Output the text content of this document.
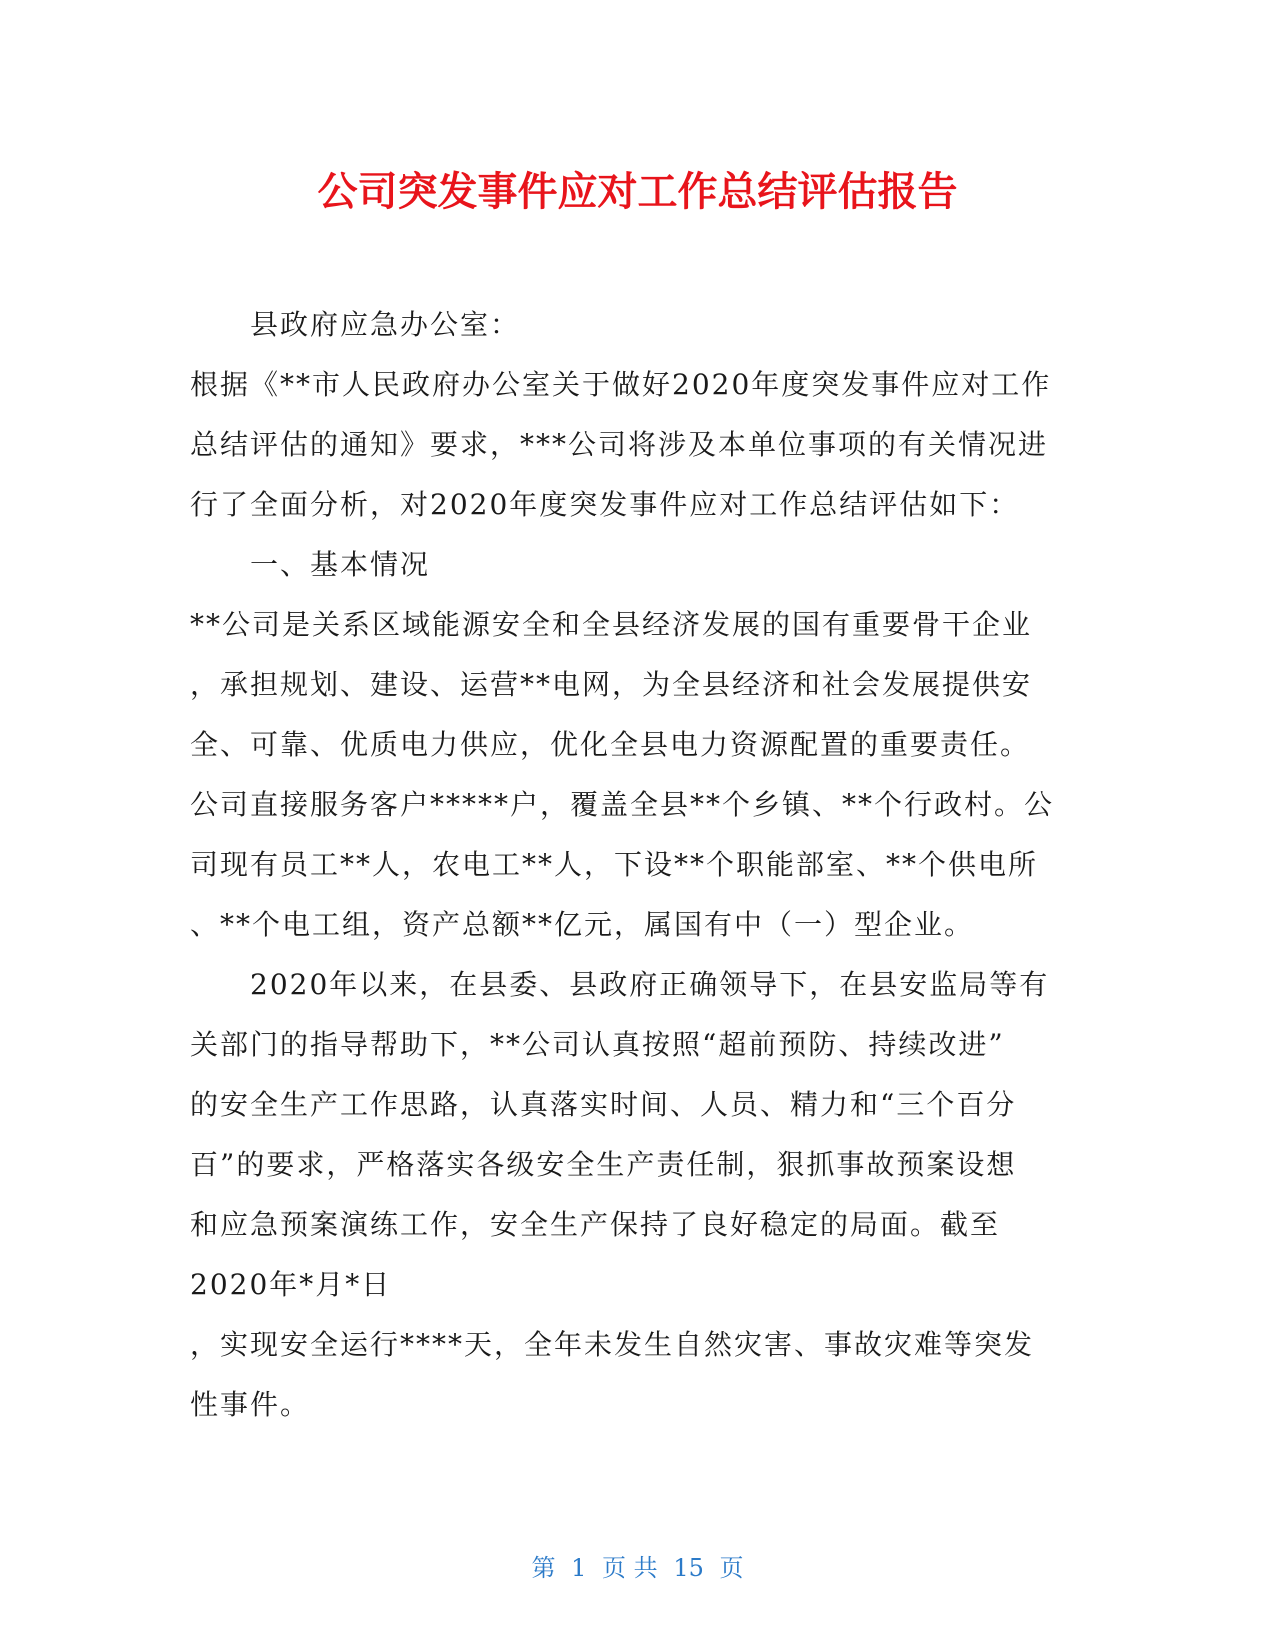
公司突发事件应对工作总结评估报告
县政府应急办公室：
根据《**市人民政府办公室关于做好2020年度突发事件应对工作
总结评估的通知》要求，***公司将涉及本单位事项的有关情况进
行了全面分析，对2020年度突发事件应对工作总结评估如下：
一、基本情况
**公司是关系区域能源安全和全县经济发展的国有重要骨干企业
，承担规划、建设、运营**电网，为全县经济和社会发展提供安
全、可靠、优质电力供应，优化全县电力资源配置的重要责任。
公司直接服务客户*****户，覆盖全县**个乡镇、**个行政村。公
司现有员工**人，农电工**人，下设**个职能部室、**个供电所
、**个电工组，资产总额**亿元，属国有中（一）型企业。
2020年以来，在县委、县政府正确领导下，在县安监局等有
关部门的指导帮助下，**公司认真按照“超前预防、持续改进”
的安全生产工作思路，认真落实时间、人员、精力和“三个百分
百”的要求，严格落实各级安全生产责任制，狠抓事故预案设想
和应急预案演练工作，安全生产保持了良好稳定的局面。截至
2020年*月*日
，实现安全运行****天，全年未发生自然灾害、事故灾难等突发
性事件。
第 1 页 共 15 页
